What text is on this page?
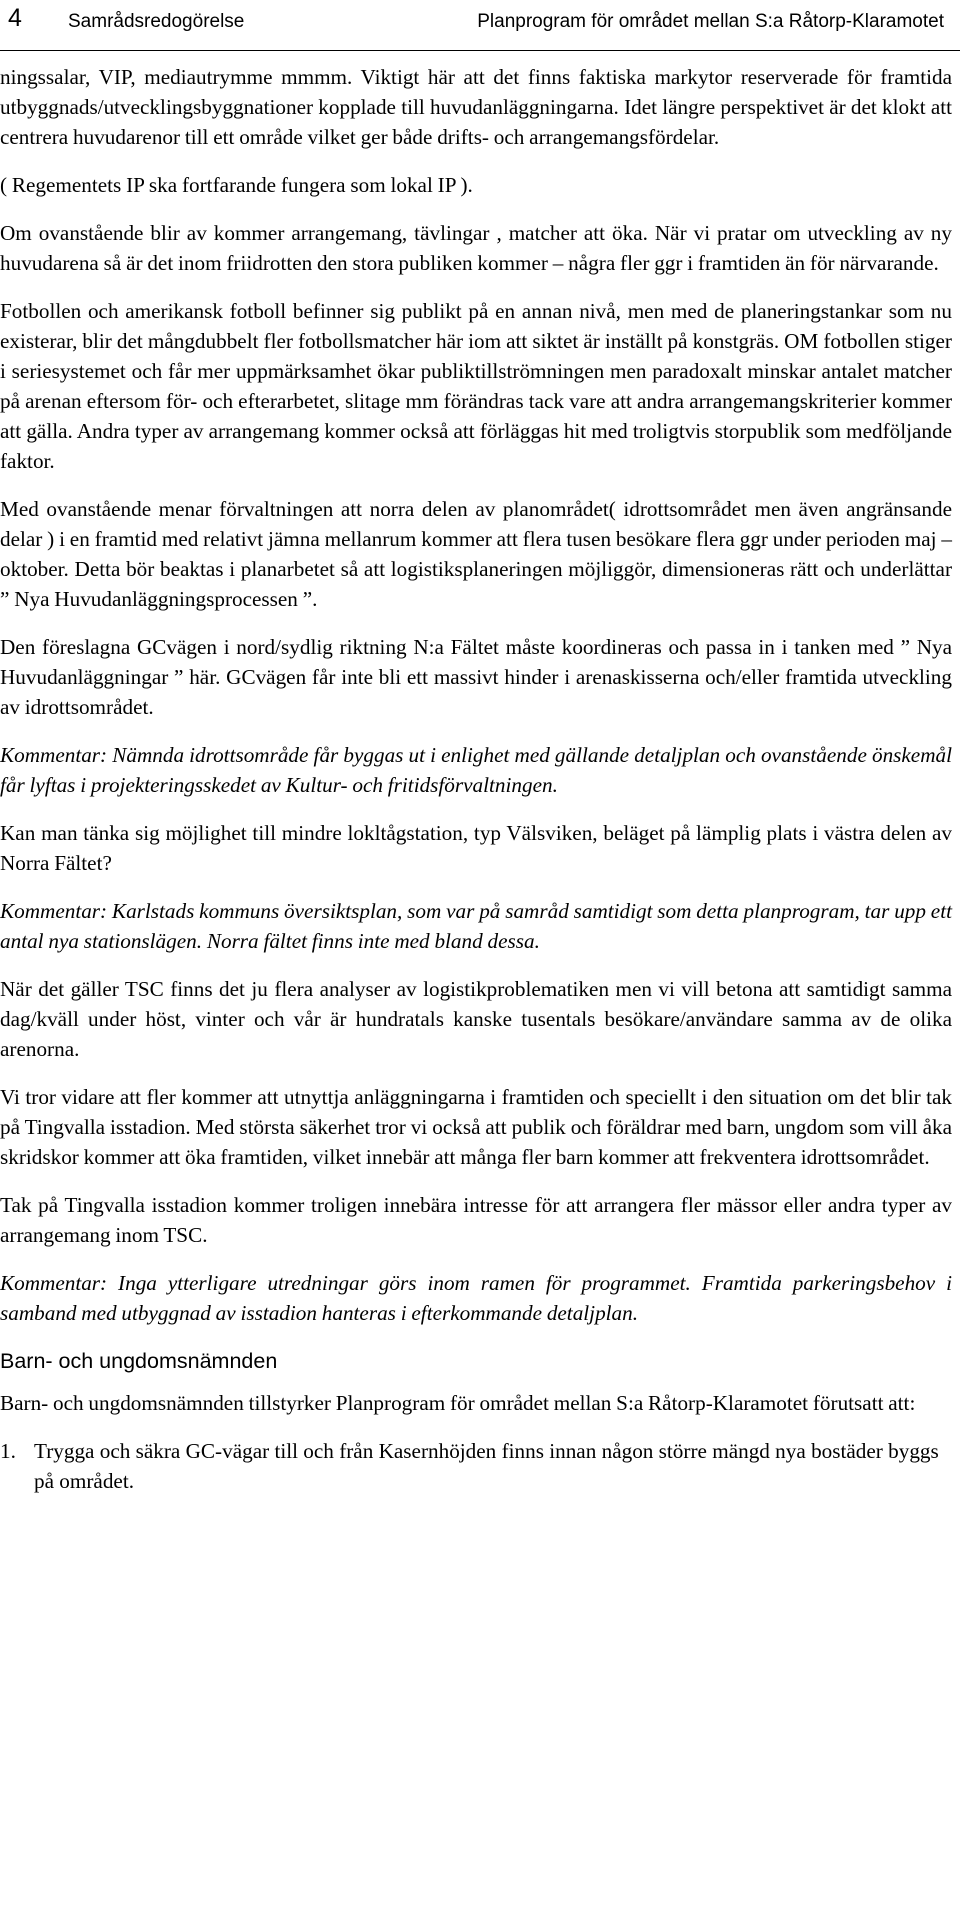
4 Samrådsredogörelse	Planprogram för området mellan S:a Råtorp-Klaramotet

ningssalar, VIP, mediautrymme mmmm. Viktigt här att det finns faktiska markytor reserverade för framtida utbyggnads/utvecklingsbyggnationer kopplade till huvudanläggningarna. Idet längre perspektivet är det klokt att centrera huvudarenor till ett område vilket ger både drifts- och arrangemangsfördelar.

( Regementets IP ska fortfarande fungera som lokal IP ).

Om ovanstående blir av kommer arrangemang, tävlingar , matcher att öka. När vi pratar om utveckling av ny huvudarena så är det inom friidrotten den stora publiken kommer – några fler ggr i framtiden än för närvarande.

Fotbollen och amerikansk fotboll befinner sig publikt på en annan nivå, men med de planeringstankar som nu existerar, blir det mångdubbelt fler fotbollsmatcher här iom att siktet är inställt på konstgräs. OM fotbollen stiger i seriesystemet och får mer uppmärksamhet ökar publiktillströmningen men paradoxalt minskar antalet matcher på arenan eftersom för- och efterarbetet, slitage mm förändras tack vare att andra arrangemangskriterier kommer att gälla. Andra typer av arrangemang kommer också att förläggas hit med troligtvis storpublik som medföljande faktor.

Med ovanstående menar förvaltningen att norra delen av planområdet( idrottsområdet men även angränsande delar ) i en framtid med relativt jämna mellanrum kommer att flera tusen besökare flera ggr under perioden maj – oktober. Detta bör beaktas i planarbetet så att logistiksplaneringen möjliggör, dimensioneras rätt och underlättar ” Nya Huvudanläggningsprocessen ”.

Den föreslagna GCvägen i nord/sydlig riktning N:a Fältet måste koordineras och passa in i tanken med ” Nya Huvudanläggningar ” här. GCvägen får inte bli ett massivt hinder i arenaskisserna och/eller framtida utveckling av idrottsområdet.

Kommentar: Nämnda idrottsområde får byggas ut i enlighet med gällande detaljplan och ovanstående önskemål får lyftas i projekteringsskedet av Kultur- och fritidsförvaltningen.

Kan man tänka sig möjlighet till mindre lokltågstation, typ Välsviken, beläget på lämplig plats i västra delen av Norra Fältet?

Kommentar: Karlstads kommuns översiktsplan, som var på samråd samtidigt som detta planprogram, tar upp ett antal nya stationslägen. Norra fältet finns inte med bland dessa.

När det gäller TSC finns det ju flera analyser av logistikproblematiken men vi vill betona att samtidigt samma dag/kväll under höst, vinter och vår är hundratals kanske tusentals besökare/användare samma av de olika arenorna.

Vi tror vidare att fler kommer att utnyttja anläggningarna i framtiden och speciellt i den situation om det blir tak på Tingvalla isstadion. Med största säkerhet tror vi också att publik och föräldrar med barn, ungdom som vill åka skridskor kommer att öka framtiden, vilket innebär att många fler barn kommer att frekventera idrottsområdet.

Tak på Tingvalla isstadion kommer troligen innebära intresse för att arrangera fler mässor eller andra typer av arrangemang inom TSC.

Kommentar: Inga ytterligare utredningar görs inom ramen för programmet. Framtida parkeringsbehov i samband med utbyggnad av isstadion hanteras i efterkommande detaljplan.

Barn- och ungdomsnämnden

Barn- och ungdomsnämnden tillstyrker Planprogram för området mellan S:a Råtorp-Klaramotet förutsatt att:

1. Trygga och säkra GC-vägar till och från Kasernhöjden finns innan någon större mängd nya bostäder byggs på området.
